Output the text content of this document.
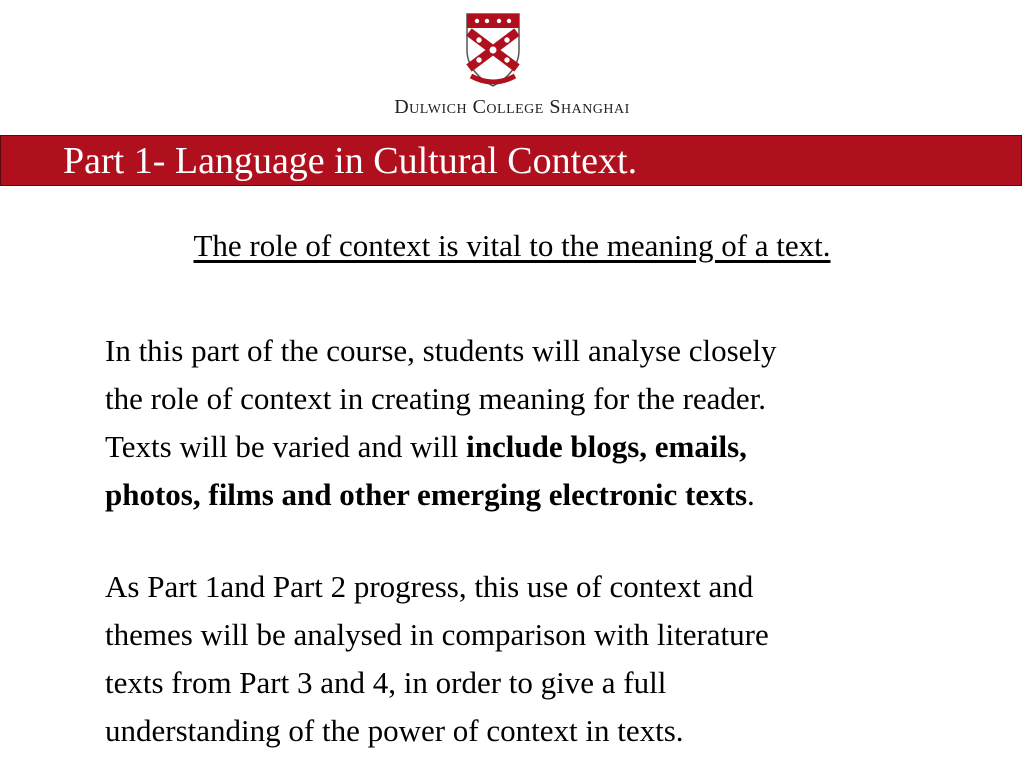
Dulwich College Shanghai
Part 1- Language in Cultural Context.
The role of context is vital to the meaning of a text.
In this part of the course, students will analyse closely
the role of context in creating meaning for the reader.
Texts will be varied and will include blogs, emails,
photos, films and other emerging electronic texts.
As Part 1and Part 2 progress, this use of context and
themes will be analysed in comparison with literature
texts from Part 3 and 4, in order to give a full
understanding of the power of context in texts.
